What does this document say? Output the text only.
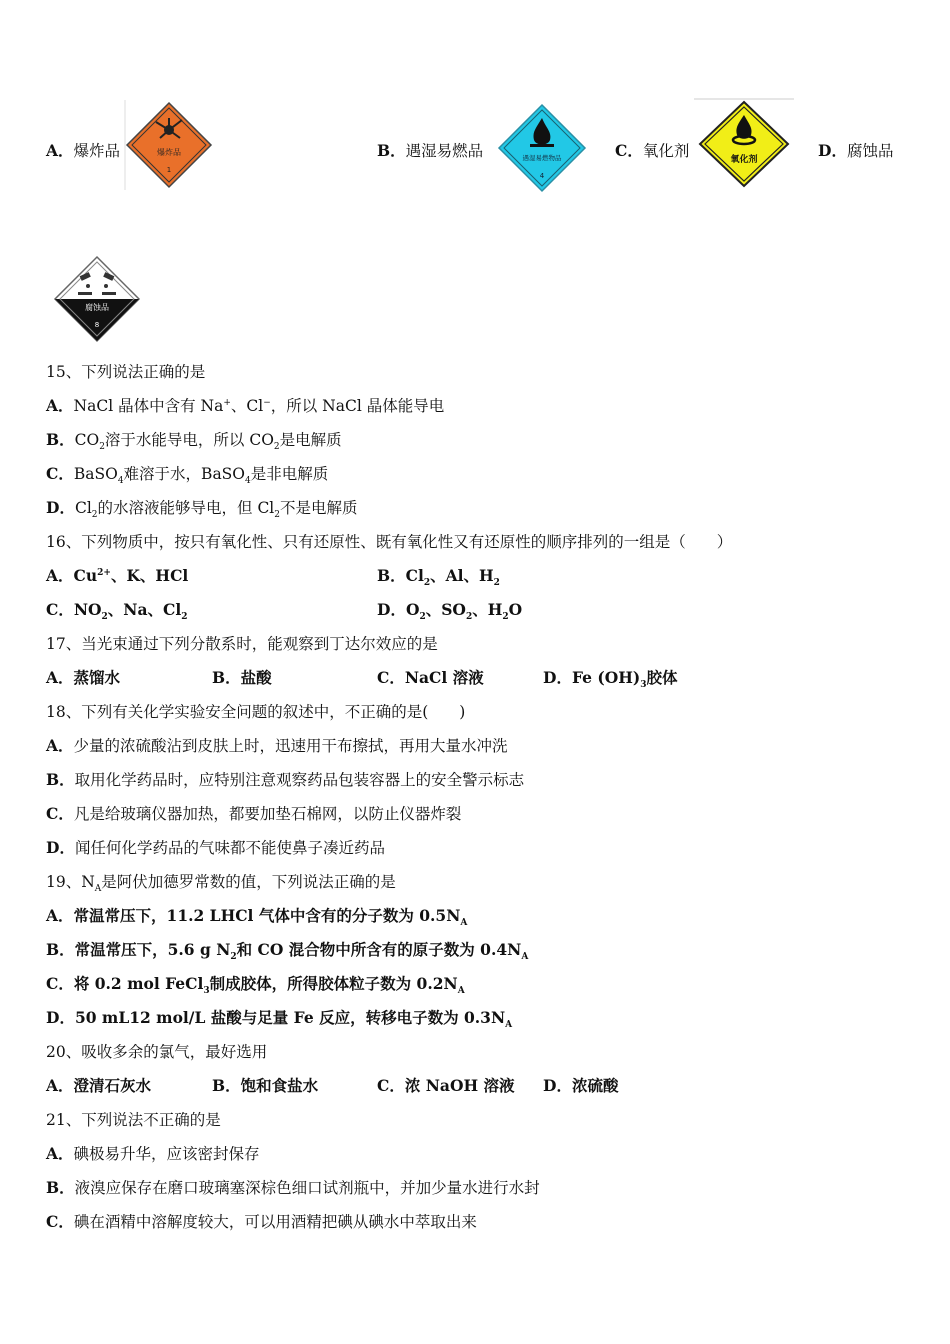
A．爆炸品	爆炸品
1
B．遇湿易燃品	遇湿易燃物品
4
C．氧化剂	氧化剂	D．腐蚀品
腐蚀品
8
15、下列说法正确的是
A．NaCl 晶体中含有 Na+、Cl−，所以 NaCl 晶体能导电
B．$CO_2$溶于水能导电，所以 $CO_2$是电解质
C．BaSO$_4$难溶于水，BaSO$_4$是非电解质
D．$Cl_2$的水溶液能够导电，但 $Cl_2$不是电解质
16、下列物质中，按只有氧化性、只有还原性、既有氧化性又有还原性的顺序排列的一组是（　　）
A．$Cu^{2+}$、K、HCl	B．$Cl_2$、Al、$H_2$
C．$NO_2$、Na、$Cl_2$	D．$O_2$、$SO_2$、$H_2O$
17、当光束通过下列分散系时，能观察到丁达尔效应的是
A．蒸馏水	B．盐酸	C．NaCl 溶液	D．Fe $(OH)_3$胶体
18、下列有关化学实验安全问题的叙述中，不正确的是(　　)
A．少量的浓硫酸沾到皮肤上时，迅速用干布擦拭，再用大量水冲洗
B．取用化学药品时，应特别注意观察药品包装容器上的安全警示标志
C．凡是给玻璃仪器加热，都要加垫石棉网，以防止仪器炸裂
D．闻任何化学药品的气味都不能使鼻子凑近药品
19、$N_A$是阿伏加德罗常数的值，下列说法正确的是
A．常温常压下，11.2 LHCl 气体中含有的分子数为 $0.5N_A$
B．常温常压下，5.6 g $N_2$和 CO 混合物中所含有的原子数为 $0.4N_A$
C．将 0.2 mol FeCl$_3$制成胶体，所得胶体粒子数为 $0.2N_A$
D．50 mL12 mol/L 盐酸与足量 Fe 反应，转移电子数为 $0.3N_A$
20、吸收多余的氯气，最好选用
A．澄清石灰水	B．饱和食盐水	C．浓 NaOH 溶液 D．浓硫酸
21、下列说法不正确的是
A．碘极易升华，应该密封保存
B．液溴应保存在磨口玻璃塞深棕色细口试剂瓶中，并加少量水进行水封
C．碘在酒精中溶解度较大，可以用酒精把碘从碘水中萃取出来
